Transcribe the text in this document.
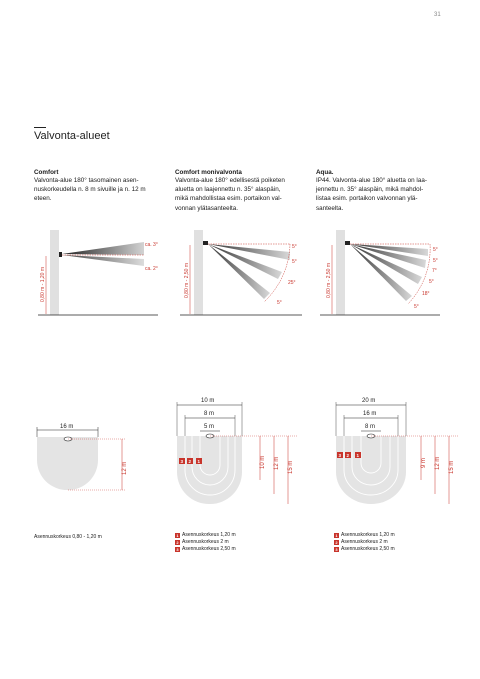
31
Valvonta-alueet
Comfort
Valvonta-alue 180° tasomainen asen-
nuskorkeudella n. 8 m sivuille ja n. 12 m
eteen.
Comfort monivalvonta
Valvonta-alue 180° edellisestä poiketen
aluetta on laajennettu n. 35° alaspäin,
mikä mahdollistaa esim. portaikon val-
vonnan ylätasanteelta.
Aqua.
IP44. Valvonta-alue 180° aluetta on laa-
jennettu n. 35° alaspäin, mikä mahdol-
listaa esim. portaikon valvonnan ylä-
santeelta.
ca. 3°
ca. 2°
0,80 m - 1,20 m
5°
5°
25°
5°
0,80 m - 2,50 m
5°
5°
7°
5°
18°
5°
0,80 m - 2,50 m
16 m
12 m
10 m
8 m
5 m
3 2 1	10 m 12 m 15 m
20 m
16 m
8 m
3 2 1
9 m 12 m 15 m
Asennuskorkeus 0,80 - 1,20 m	1 Asennuskorkeus 1,20 m
2 Asennuskorkeus 2 m
3 Asennuskorkeus 2,50 m
1 Asennuskorkeus 1,20 m
2 Asennuskorkeus 2 m
3 Asennuskorkeus 2,50 m
